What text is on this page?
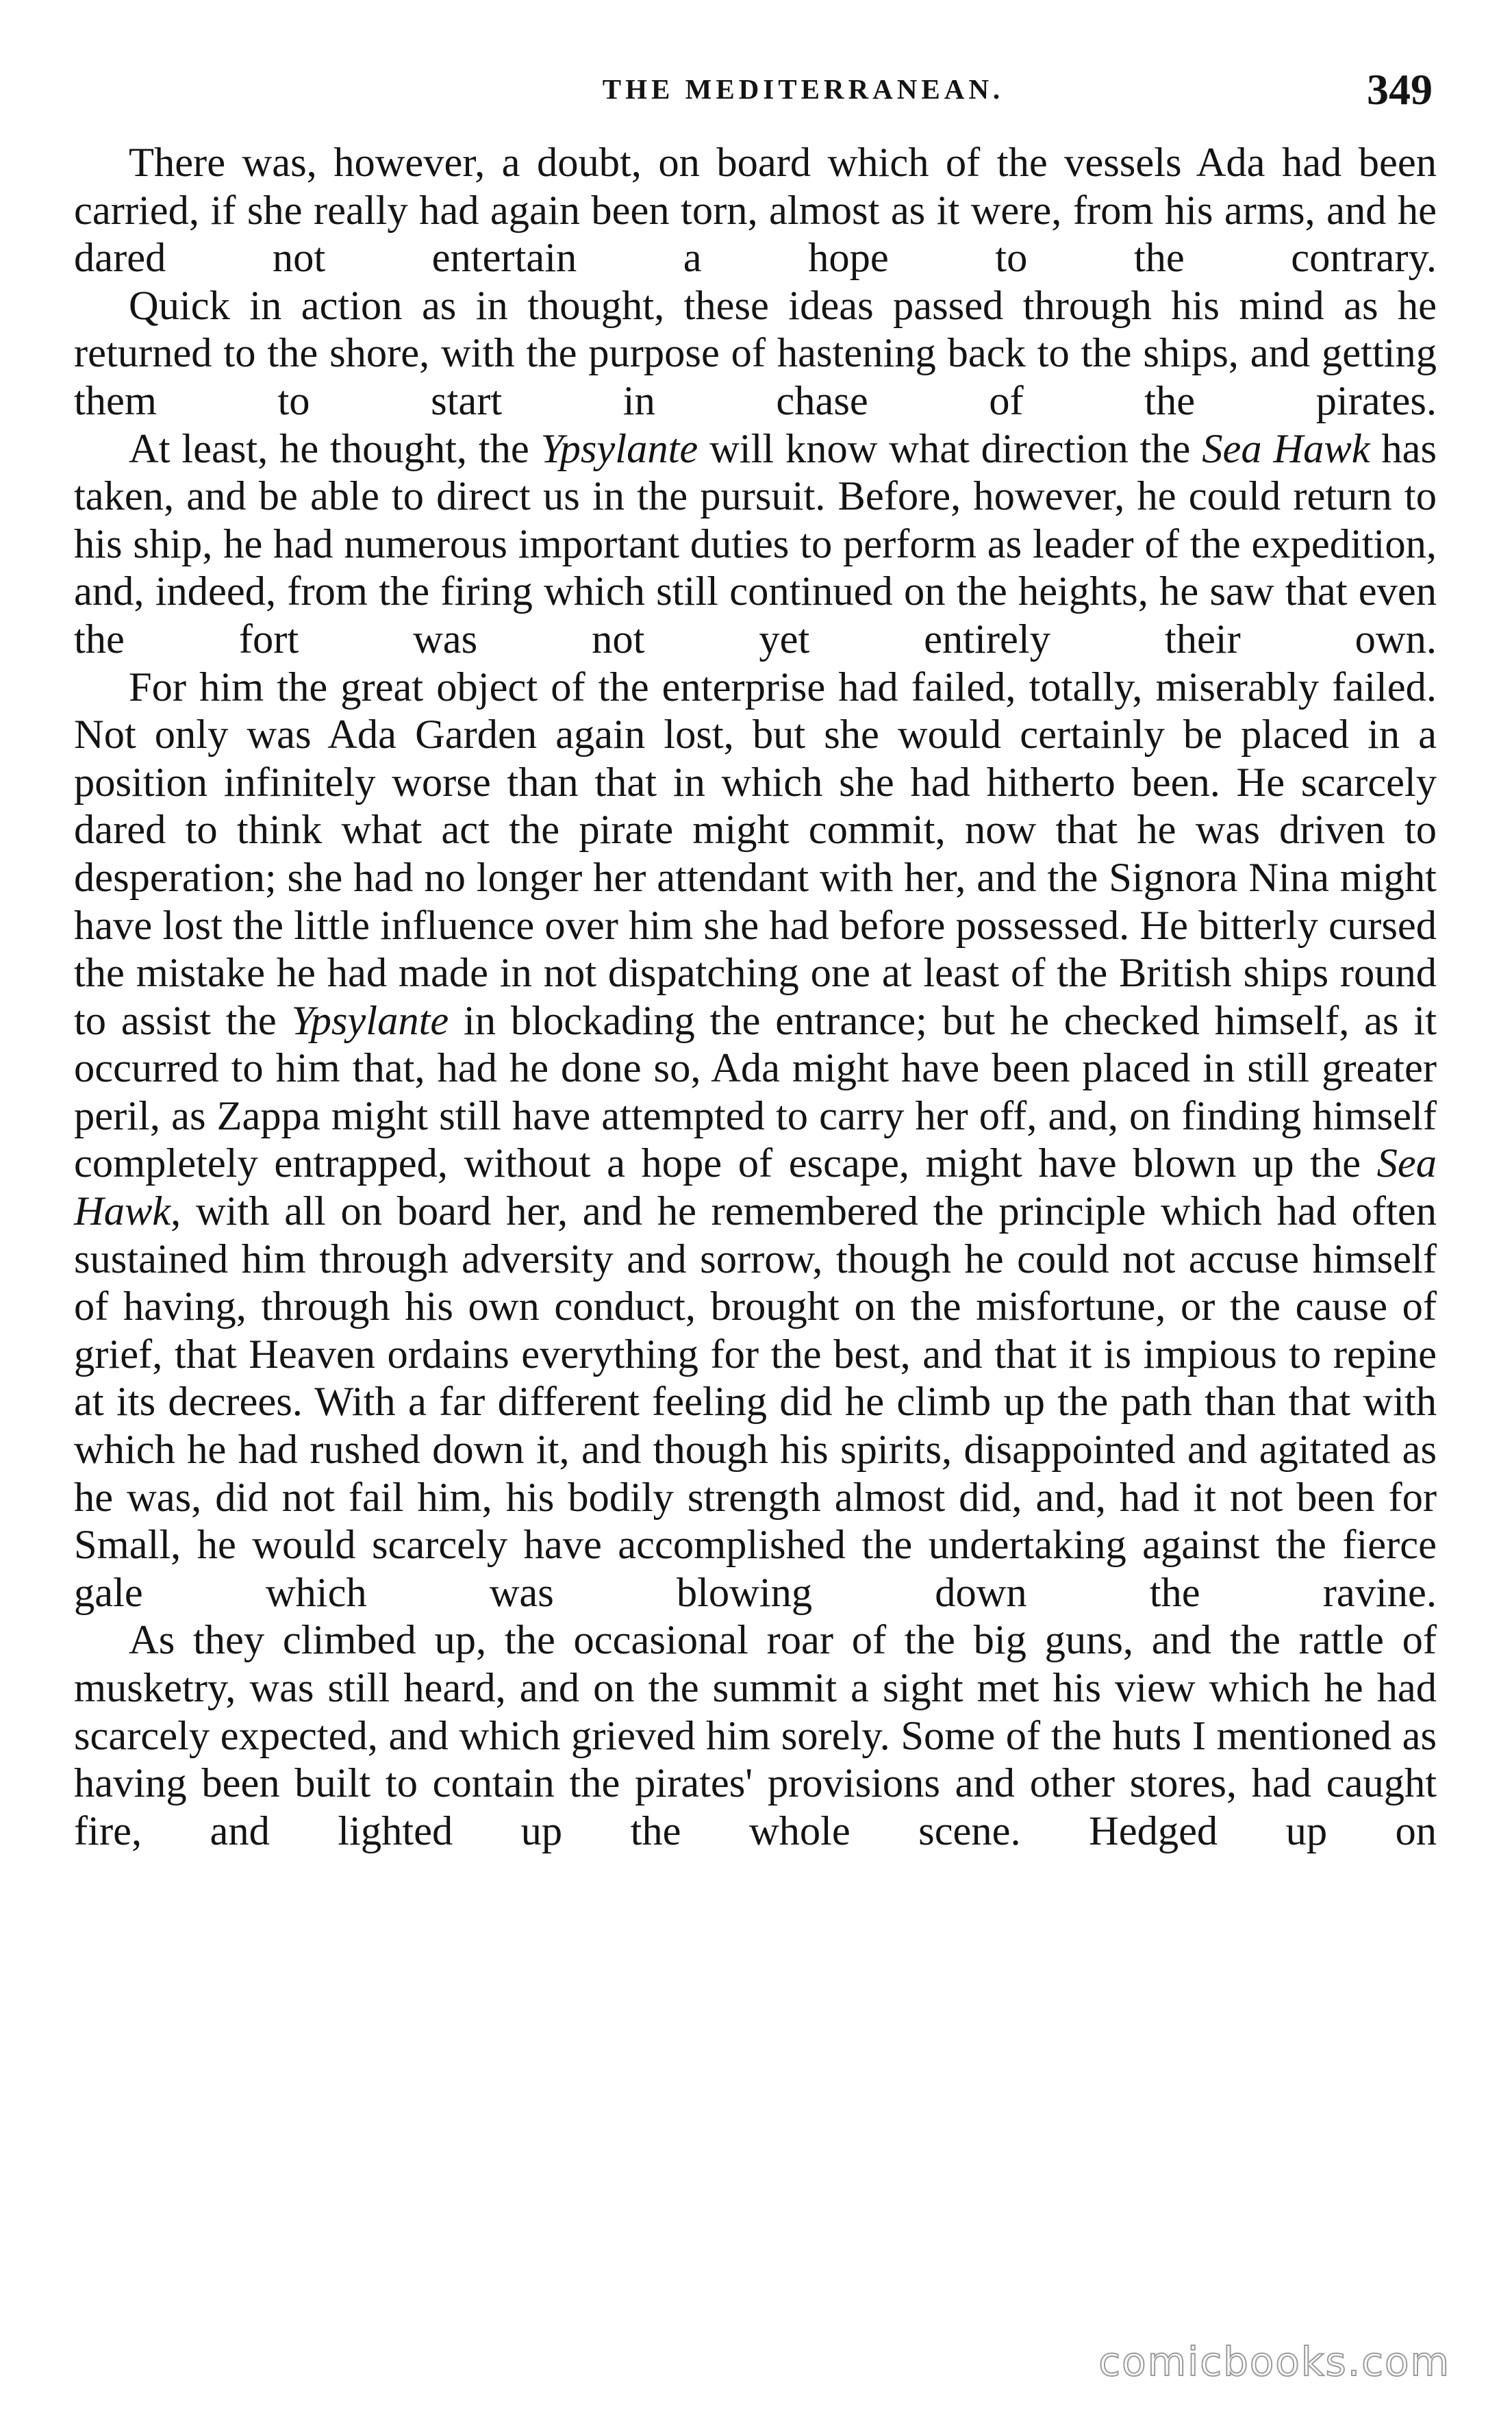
THE MEDITERRANEAN.	349

There was, however, a doubt, on board which of the vessels Ada had been carried, if she really had again been torn, almost as it were, from his arms, and he dared not entertain a hope to the contrary.

Quick in action as in thought, these ideas passed through his mind as he returned to the shore, with the purpose of hastening back to the ships, and getting them to start in chase of the pirates.

At least, he thought, the Ypsylante will know what direction the Sea Hawk has taken, and be able to direct us in the pursuit. Before, however, he could return to his ship, he had numerous important duties to perform as leader of the expedition, and, indeed, from the firing which still continued on the heights, he saw that even the fort was not yet entirely their own.

For him the great object of the enterprise had failed, totally, miserably failed. Not only was Ada Garden again lost, but she would certainly be placed in a position infinitely worse than that in which she had hitherto been. He scarcely dared to think what act the pirate might commit, now that he was driven to desperation; she had no longer her attendant with her, and the Signora Nina might have lost the little influence over him she had before possessed. He bitterly cursed the mistake he had made in not dispatching one at least of the British ships round to assist the Ypsylante in blockading the entrance; but he checked himself, as it occurred to him that, had he done so, Ada might have been placed in still greater peril, as Zappa might still have attempted to carry her off, and, on finding himself completely entrapped, without a hope of escape, might have blown up the Sea Hawk, with all on board her, and he remembered the principle which had often sustained him through adversity and sorrow, though he could not accuse himself of having, through his own conduct, brought on the misfortune, or the cause of grief, that Heaven ordains everything for the best, and that it is impious to repine at its decrees. With a far different feeling did he climb up the path than that with which he had rushed down it, and though his spirits, disappointed and agitated as he was, did not fail him, his bodily strength almost did, and, had it not been for Small, he would scarcely have accomplished the undertaking against the fierce gale which was blowing down the ravine.

As they climbed up, the occasional roar of the big guns, and the rattle of musketry, was still heard, and on the summit a sight met his view which he had scarcely expected, and which grieved him sorely. Some of the huts I mentioned as having been built to contain the pirates' provisions and other stores, had caught fire, and lighted up the whole scene. Hedged up on

comicbooks.com
